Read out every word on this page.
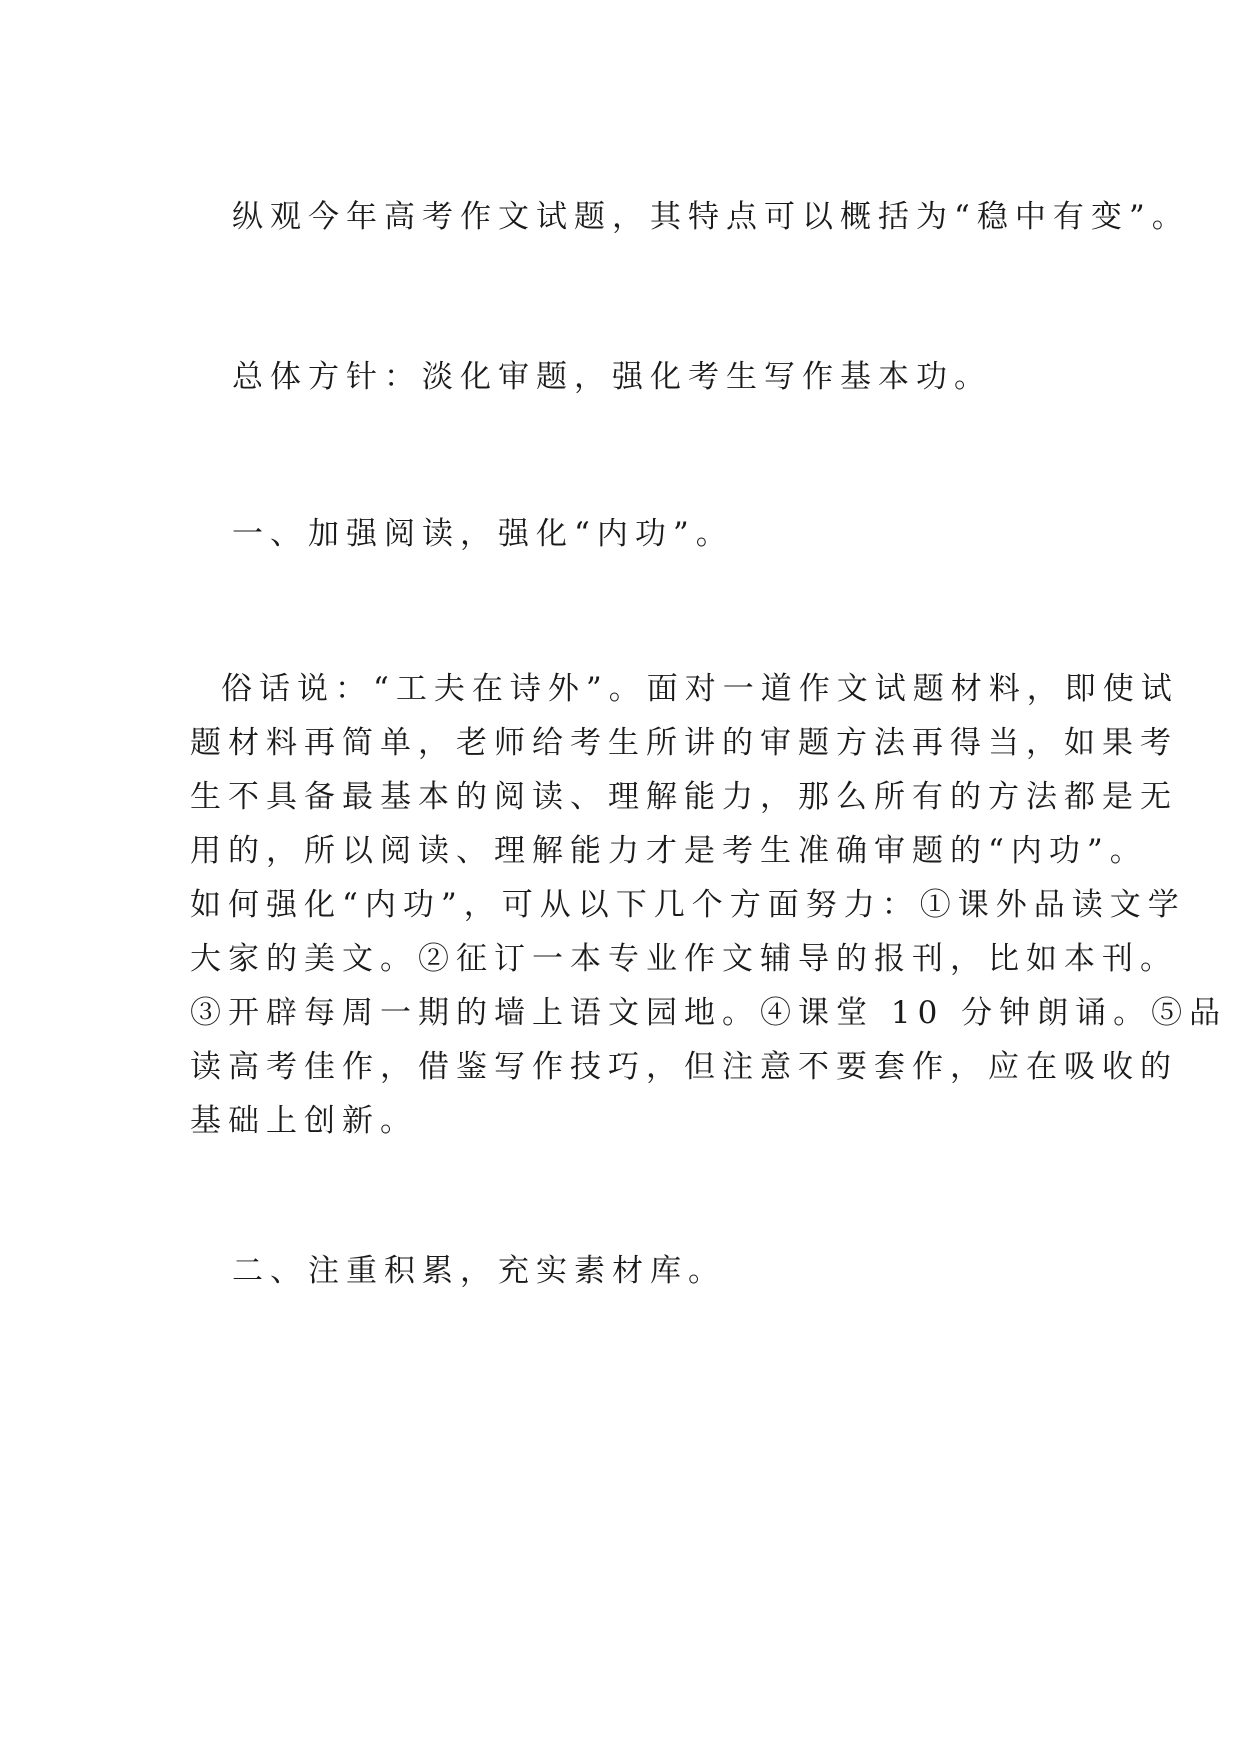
纵观今年高考作文试题，其特点可以概括为“稳中有变”。
总体方针：淡化审题，强化考生写作基本功。
一、加强阅读，强化“内功”。
俗话说：“工夫在诗外”。面对一道作文试题材料，即使试
题材料再简单，老师给考生所讲的审题方法再得当，如果考
生不具备最基本的阅读、理解能力，那么所有的方法都是无
用的，所以阅读、理解能力才是考生准确审题的“内功”。
如何强化“内功”，可从以下几个方面努力：①课外品读文学
大家的美文。②征订一本专业作文辅导的报刊，比如本刊。
③开辟每周一期的墙上语文园地。④课堂 10 分钟朗诵。⑤品
读高考佳作，借鉴写作技巧，但注意不要套作，应在吸收的
基础上创新。
二、注重积累，充实素材库。
